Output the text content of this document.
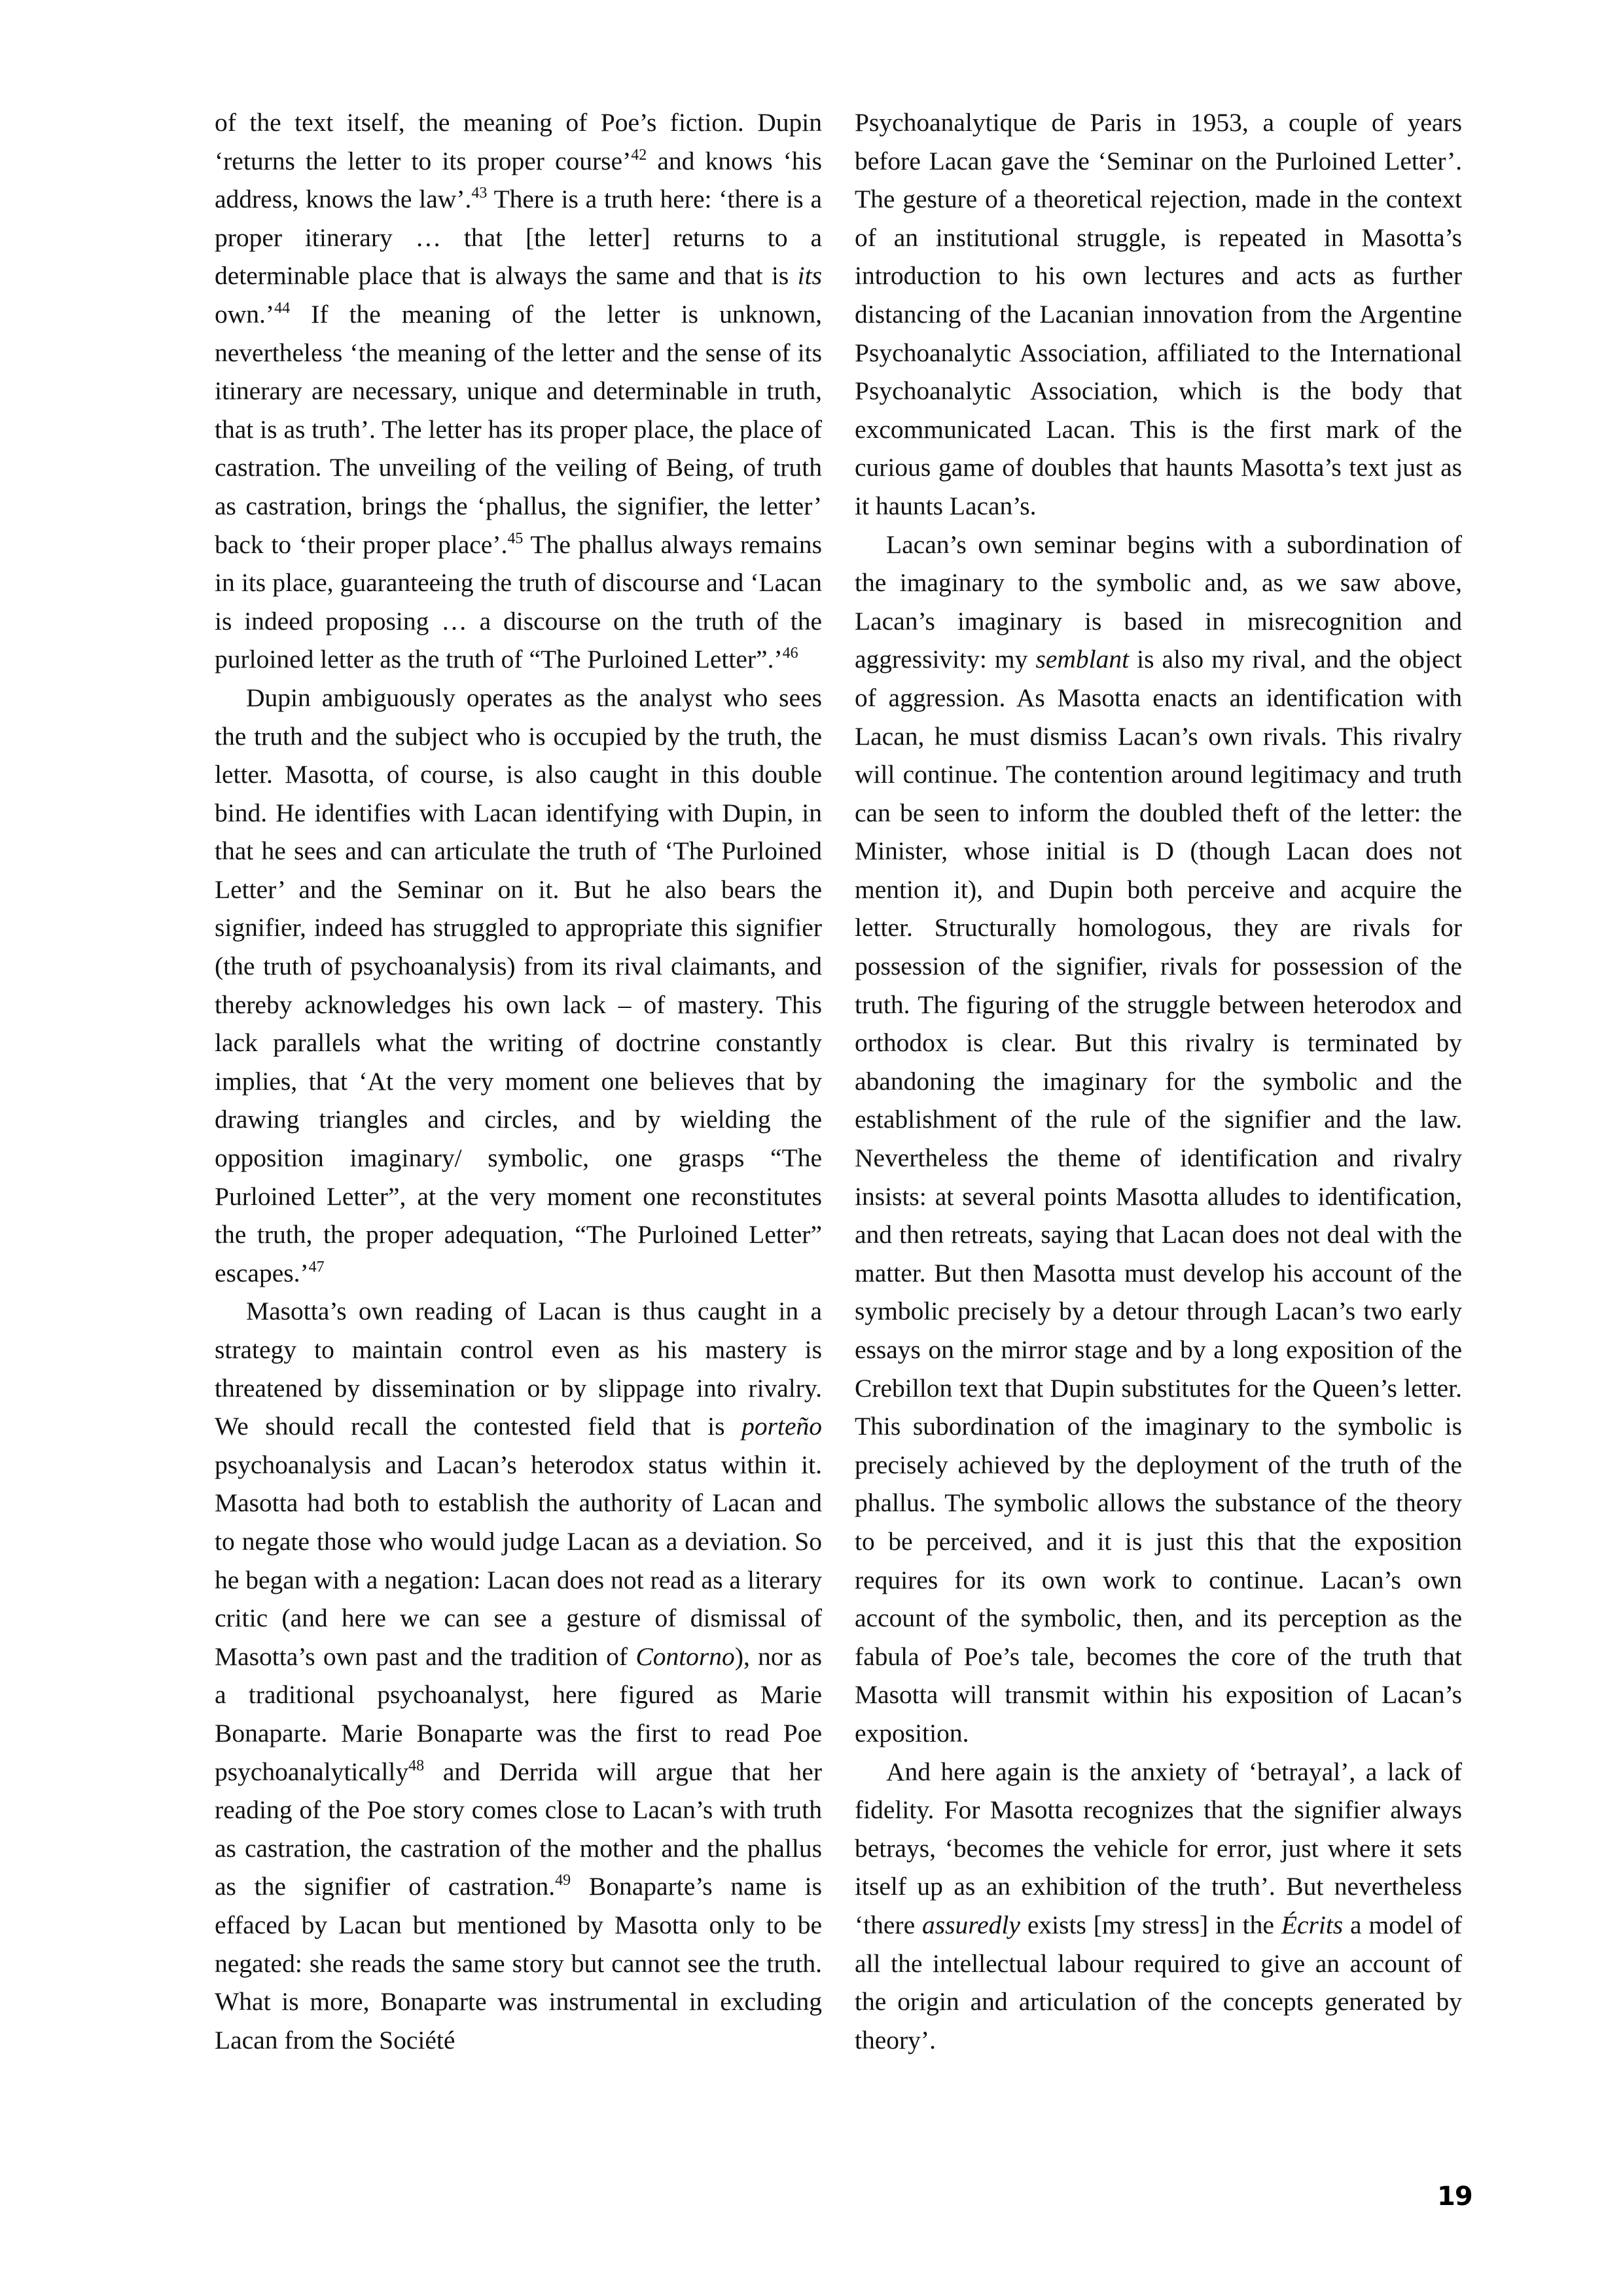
of the text itself, the meaning of Poe’s fiction. Dupin ‘returns the letter to its proper course’$^{42}$ and knows ‘his address, knows the law’.$^{43}$ There is a truth here: ‘there is a proper itinerary … that [the letter] returns to a determinable place that is always the same and that is its own.’$^{44}$ If the meaning of the letter is unknown, nevertheless ‘the meaning of the letter and the sense of its itinerary are necessary, unique and determinable in truth, that is as truth’. The letter has its proper place, the place of castration. The unveiling of the veiling of Being, of truth as castration, brings the ‘phallus, the signifier, the letter’ back to ‘their proper place’.$^{45}$ The phallus always remains in its place, guaranteeing the truth of discourse and ‘Lacan is indeed proposing … a discourse on the truth of the purloined letter as the truth of “The Purloined Letter”.’$^{46}$

Dupin ambiguously operates as the analyst who sees the truth and the subject who is occupied by the truth, the letter. Masotta, of course, is also caught in this double bind. He identifies with Lacan identifying with Dupin, in that he sees and can articulate the truth of ‘The Purloined Letter’ and the Seminar on it. But he also bears the signifier, indeed has struggled to appropriate this signifier (the truth of psychoanalysis) from its rival claimants, and thereby acknowledges his own lack – of mastery. This lack parallels what the writing of doctrine constantly implies, that ‘At the very moment one believes that by drawing triangles and circles, and by wielding the opposition imaginary/ symbolic, one grasps “The Purloined Letter”, at the very moment one reconstitutes the truth, the proper adequation, “The Purloined Letter” escapes.’$^{47}$

Masotta’s own reading of Lacan is thus caught in a strategy to maintain control even as his mastery is threatened by dissemination or by slippage into rivalry. We should recall the contested field that is porteño psychoanalysis and Lacan’s heterodox status within it. Masotta had both to establish the authority of Lacan and to negate those who would judge Lacan as a deviation. So he began with a negation: Lacan does not read as a literary critic (and here we can see a gesture of dismissal of Masotta’s own past and the tradition of Contorno), nor as a traditional psychoanalyst, here figured as Marie Bonaparte. Marie Bonaparte was the first to read Poe psychoanalytically$^{48}$ and Derrida will argue that her reading of the Poe story comes close to Lacan’s with truth as castration, the castration of the mother and the phallus as the signifier of castration.$^{49}$ Bonaparte’s name is effaced by Lacan but mentioned by Masotta only to be negated: she reads the same story but cannot see the truth. What is more, Bonaparte was instrumental in excluding Lacan from the Société

Psychoanalytique de Paris in 1953, a couple of years before Lacan gave the ‘Seminar on the Purloined Letter’. The gesture of a theoretical rejection, made in the context of an institutional struggle, is repeated in Masotta’s introduction to his own lectures and acts as further distancing of the Lacanian innovation from the Argentine Psychoanalytic Association, affiliated to the International Psychoanalytic Association, which is the body that excommunicated Lacan. This is the first mark of the curious game of doubles that haunts Masotta’s text just as it haunts Lacan’s.

Lacan’s own seminar begins with a subordination of the imaginary to the symbolic and, as we saw above, Lacan’s imaginary is based in misrecognition and aggressivity: my semblant is also my rival, and the object of aggression. As Masotta enacts an identification with Lacan, he must dismiss Lacan’s own rivals. This rivalry will continue. The contention around legitimacy and truth can be seen to inform the doubled theft of the letter: the Minister, whose initial is D (though Lacan does not mention it), and Dupin both perceive and acquire the letter. Structurally homologous, they are rivals for possession of the signifier, rivals for possession of the truth. The figuring of the struggle between heterodox and orthodox is clear. But this rivalry is terminated by abandoning the imaginary for the symbolic and the establishment of the rule of the signifier and the law. Nevertheless the theme of identification and rivalry insists: at several points Masotta alludes to identification, and then retreats, saying that Lacan does not deal with the matter. But then Masotta must develop his account of the symbolic precisely by a detour through Lacan’s two early essays on the mirror stage and by a long exposition of the Crebillon text that Dupin substitutes for the Queen’s letter. This subordination of the imaginary to the symbolic is precisely achieved by the deployment of the truth of the phallus. The symbolic allows the substance of the theory to be perceived, and it is just this that the exposition requires for its own work to continue. Lacan’s own account of the symbolic, then, and its perception as the fabula of Poe’s tale, becomes the core of the truth that Masotta will transmit within his exposition of Lacan’s exposition.

And here again is the anxiety of ‘betrayal’, a lack of fidelity. For Masotta recognizes that the signifier always betrays, ‘becomes the vehicle for error, just where it sets itself up as an exhibition of the truth’. But nevertheless ‘there assuredly exists [my stress] in the Écrits a model of all the intellectual labour required to give an account of the origin and articulation of the concepts generated by theory’.

19
